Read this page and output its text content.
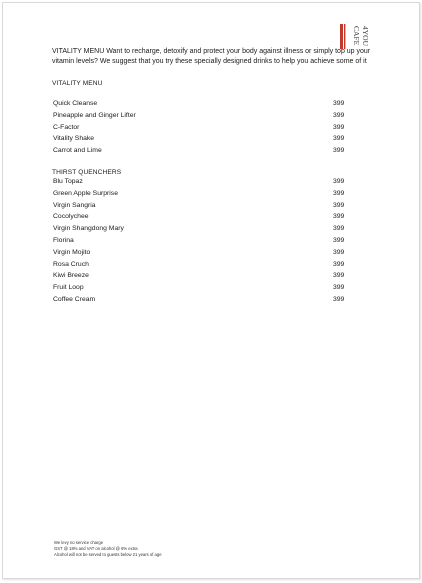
CAFE 4YOU
VITALITY MENU Want to recharge, detoxify and protect your body against illness or simply top up your vitamin levels? We suggest that you try these specially designed drinks to help you achieve some of it
VITALITY MENU
Quick Cleanse	399
Pineapple and Ginger Lifter	399
C-Factor	399
Vitality Shake	399
Carrot and Lime	399
THIRST QUENCHERS
Blu Topaz	399
Green Apple Surprise	399
Virgin Sangria	399
Cocolychee	399
Virgin Shangdong Mary	399
Florina	399
Virgin Mojito	399
Rosa Cruch	399
Kiwi Breeze	399
Fruit Loop	399
Coffee Cream	399
We levy no service charge
GST @ 18% and VAT on alcohol @ 6% extra
Alcohol will not be served to guests below 21 years of age
